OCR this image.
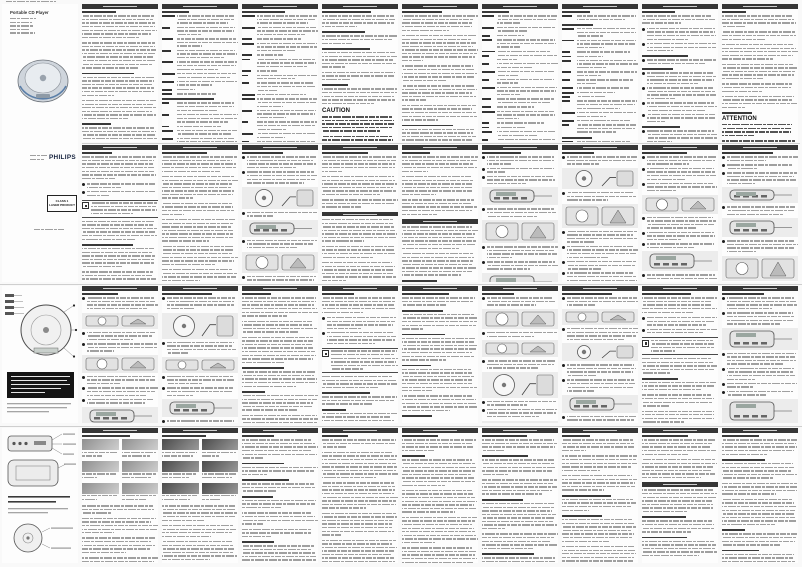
Portable CD Player
PHILIPS
CLASS 1
LASER PRODUCT
CAUTION
ATTENTION
